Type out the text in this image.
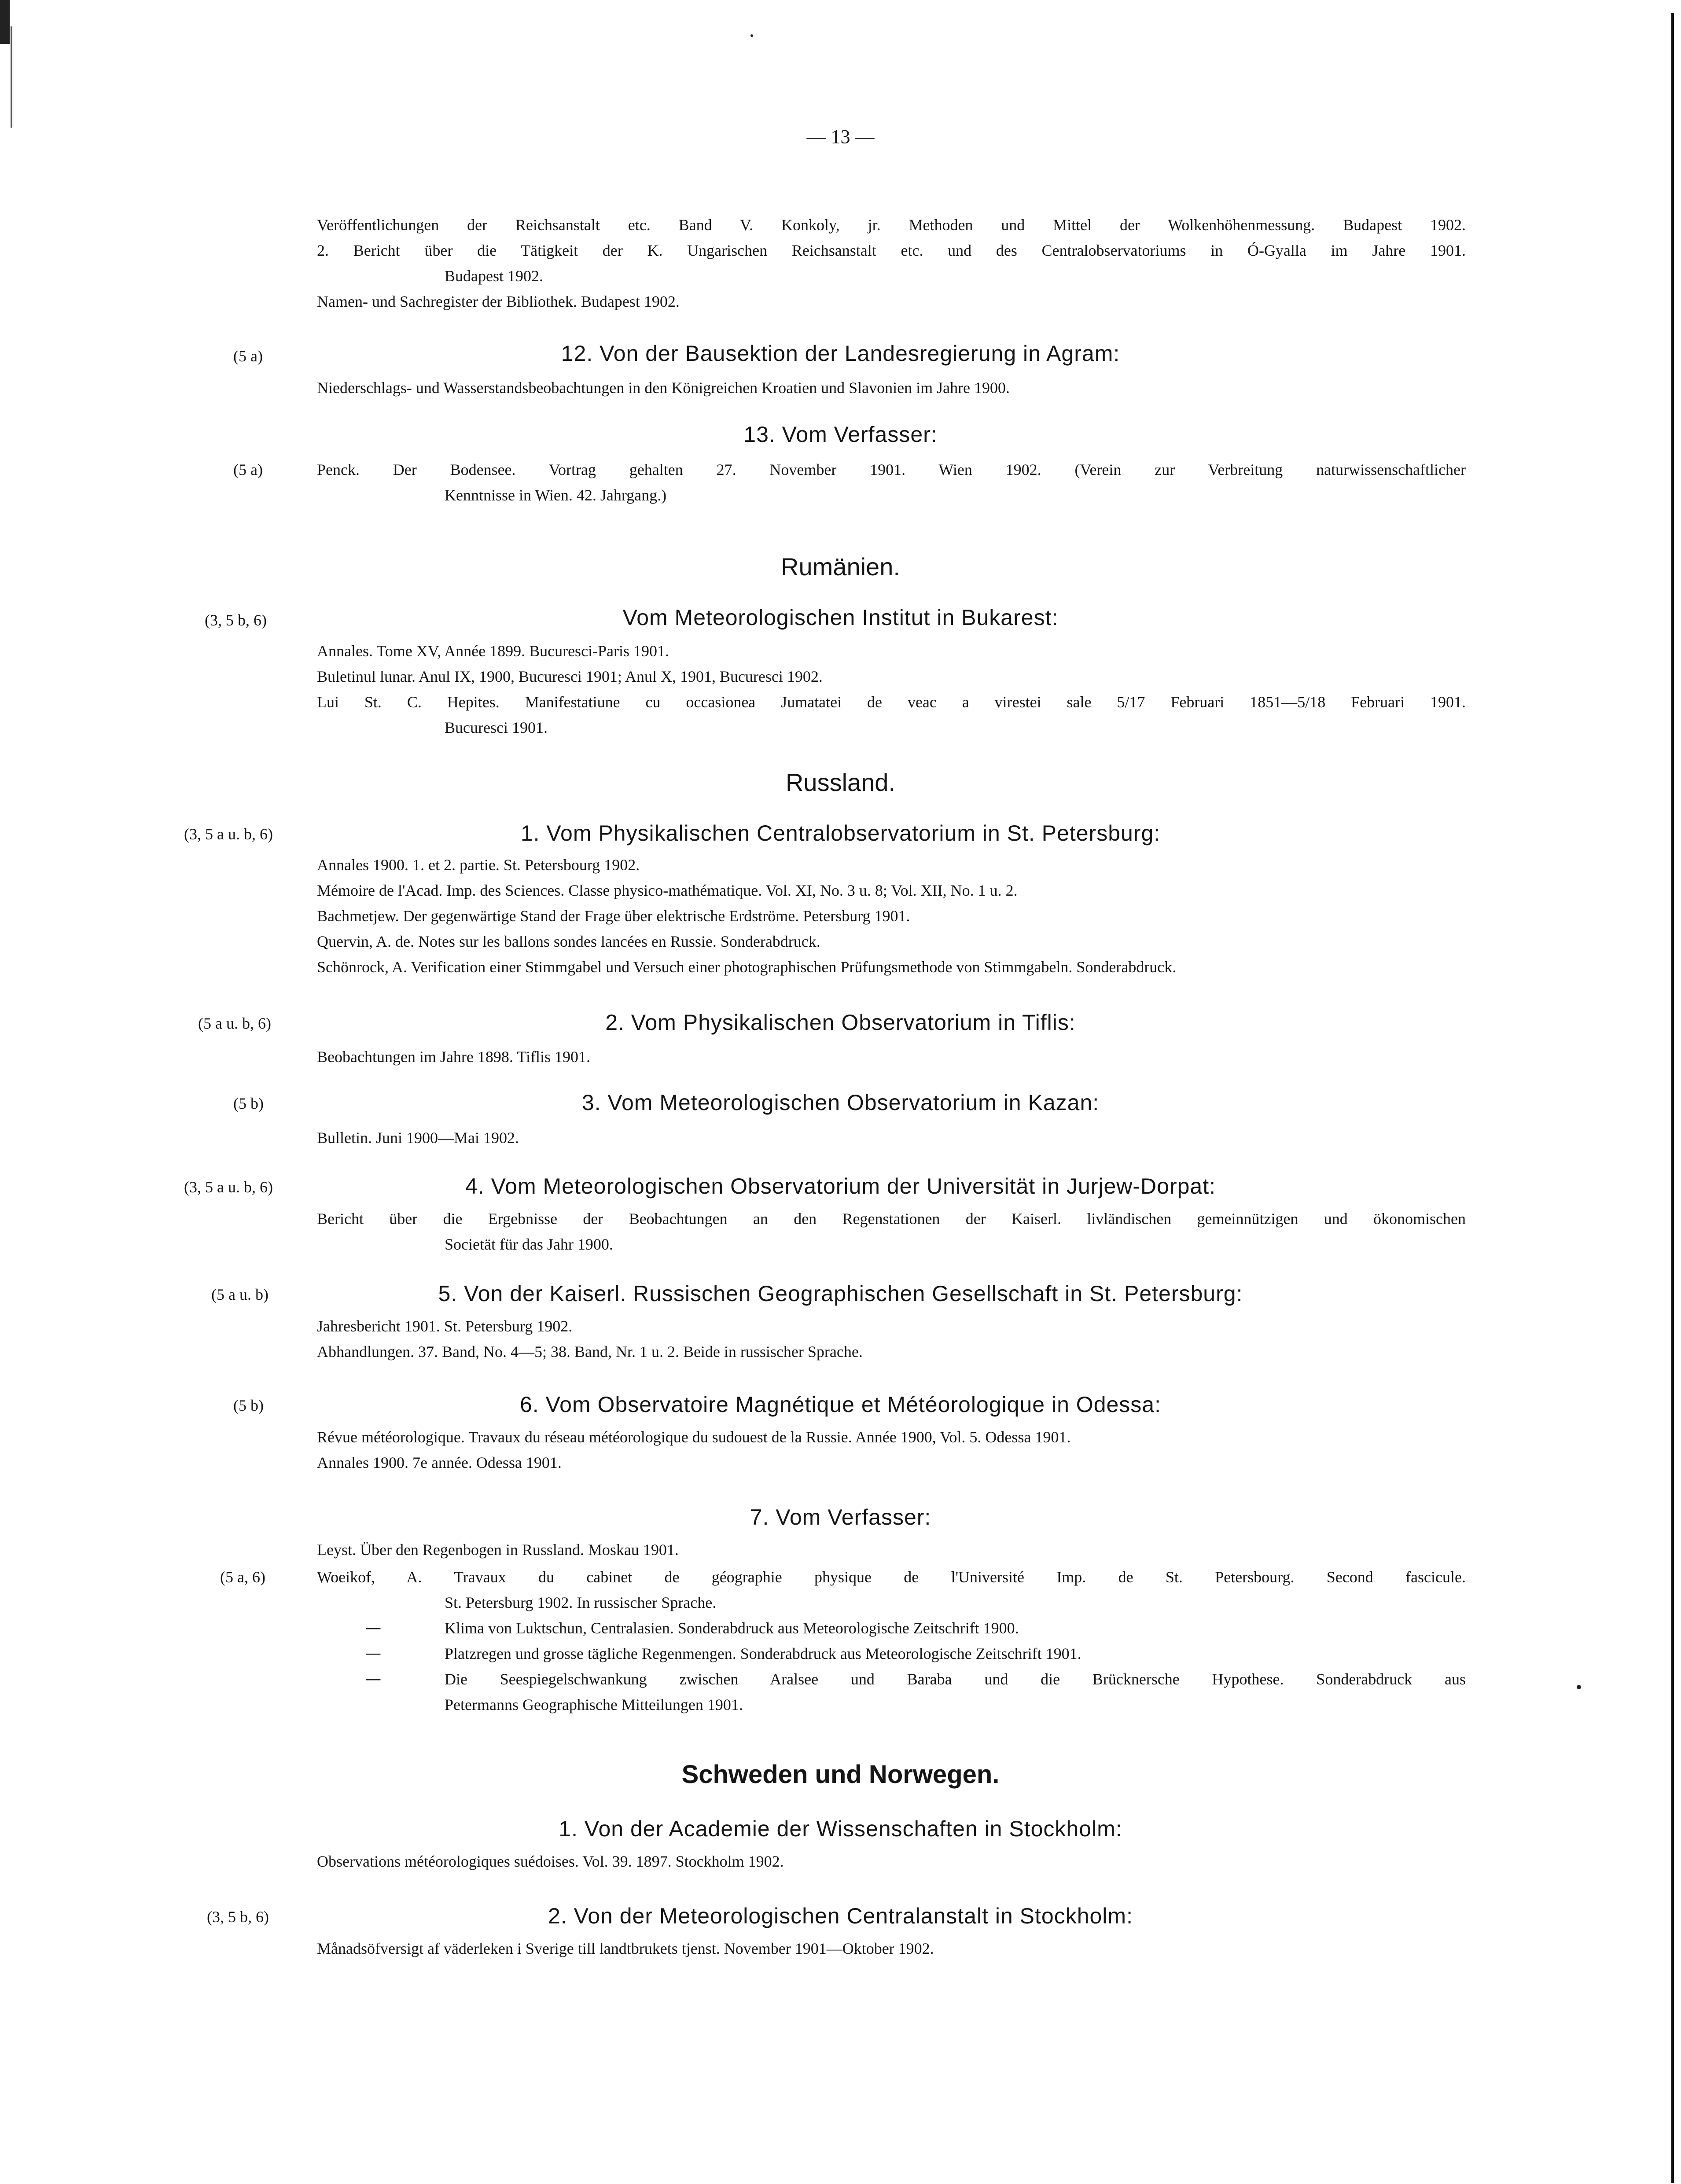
— 13 —
Veröffentlichungen der Reichsanstalt etc. Band V. Konkoly, jr. Methoden und Mittel der Wolkenhöhenmessung. Budapest 1902.
2. Bericht über die Tätigkeit der K. Ungarischen Reichsanstalt etc. und des Centralobservatoriums in Ó-Gyalla im Jahre 1901.
Budapest 1902.
Namen- und Sachregister der Bibliothek. Budapest 1902.
(5 a)	12. Von der Bausektion der Landesregierung in Agram:
Niederschlags- und Wasserstandsbeobachtungen in den Königreichen Kroatien und Slavonien im Jahre 1900.
13. Vom Verfasser:
(5 a)	Penck. Der Bodensee. Vortrag gehalten 27. November 1901. Wien 1902. (Verein zur Verbreitung naturwissenschaftlicher
Kenntnisse in Wien. 42. Jahrgang.)
Rumänien.
(3, 5 b, 6)	Vom Meteorologischen Institut in Bukarest:
Annales. Tome XV, Année 1899. Bucuresci-Paris 1901.
Buletinul lunar. Anul IX, 1900, Bucuresci 1901; Anul X, 1901, Bucuresci 1902.
Lui St. C. Hepites. Manifestatiune cu occasionea Jumatatei de veac a virestei sale 5/17 Februari 1851—5/18 Februari 1901.
Bucuresci 1901.
Russland.
(3, 5 a u. b, 6)	1. Vom Physikalischen Centralobservatorium in St. Petersburg:
Annales 1900. 1. et 2. partie. St. Petersbourg 1902.
Mémoire de l'Acad. Imp. des Sciences. Classe physico-mathématique. Vol. XI, No. 3 u. 8; Vol. XII, No. 1 u. 2.
Bachmetjew. Der gegenwärtige Stand der Frage über elektrische Erdströme. Petersburg 1901.
Quervin, A. de. Notes sur les ballons sondes lancées en Russie. Sonderabdruck.
Schönrock, A. Verification einer Stimmgabel und Versuch einer photographischen Prüfungsmethode von Stimmgabeln. Sonderabdruck.
(5 a u. b, 6)	2. Vom Physikalischen Observatorium in Tiflis:
Beobachtungen im Jahre 1898. Tiflis 1901.
(5 b)	3. Vom Meteorologischen Observatorium in Kazan:
Bulletin. Juni 1900—Mai 1902.
(3, 5 a u. b, 6)	4. Vom Meteorologischen Observatorium der Universität in Jurjew-Dorpat:
Bericht über die Ergebnisse der Beobachtungen an den Regenstationen der Kaiserl. livländischen gemeinnützigen und ökonomischen
Societät für das Jahr 1900.
(5 a u. b)	5. Von der Kaiserl. Russischen Geographischen Gesellschaft in St. Petersburg:
Jahresbericht 1901. St. Petersburg 1902.
Abhandlungen. 37. Band, No. 4—5; 38. Band, Nr. 1 u. 2. Beide in russischer Sprache.
(5 b)	6. Vom Observatoire Magnétique et Météorologique in Odessa:
Révue météorologique. Travaux du réseau météorologique du sudouest de la Russie. Année 1900, Vol. 5. Odessa 1901.
Annales 1900. 7e année. Odessa 1901.
7. Vom Verfasser:
Leyst. Über den Regenbogen in Russland. Moskau 1901.
(5 a, 6)	Woeikof, A. Travaux du cabinet de géographie physique de l'Université Imp. de St. Petersbourg. Second fascicule.
St. Petersburg 1902. In russischer Sprache.
—	Klima von Luktschun, Centralasien. Sonderabdruck aus Meteorologische Zeitschrift 1900.
—	Platzregen und grosse tägliche Regenmengen. Sonderabdruck aus Meteorologische Zeitschrift 1901.
—	Die Seespiegelschwankung zwischen Aralsee und Baraba und die Brücknersche Hypothese. Sonderabdruck aus
Petermanns Geographische Mitteilungen 1901.
Schweden und Norwegen.
1. Von der Academie der Wissenschaften in Stockholm:
Observations météorologiques suédoises. Vol. 39. 1897. Stockholm 1902.
(3, 5 b, 6)	2. Von der Meteorologischen Centralanstalt in Stockholm:
Månadsöfversigt af väderleken i Sverige till landtbrukets tjenst. November 1901—Oktober 1902.
